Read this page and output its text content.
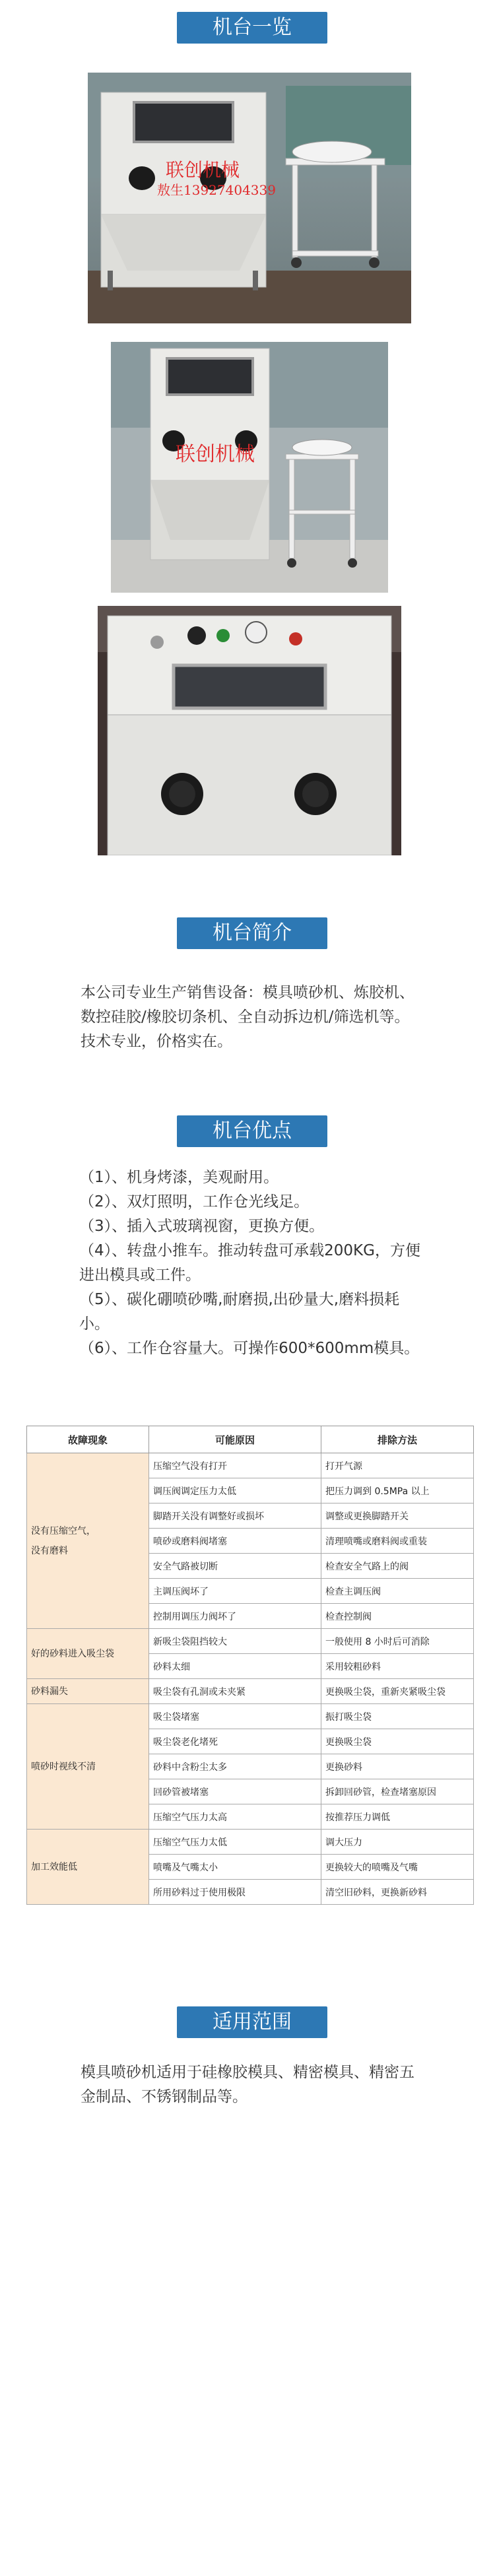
机台一览
联创机械
敖生13927404339
联创机械
机台简介
本公司专业生产销售设备：模具喷砂机、炼胶机、数控硅胶/橡胶切条机、全自动拆边机/筛选机等。技术专业，价格实在。
机台优点
（1）、机身烤漆，美观耐用。
（2）、双灯照明，工作仓光线足。
（3）、插入式玻璃视窗，更换方便。
（4）、转盘小推车。推动转盘可承载200KG，方便进出模具或工件。
（5）、碳化硼喷砂嘴,耐磨损,出砂量大,磨料损耗小。
（6）、工作仓容量大。可操作600*600mm模具。
故障现象	可能原因	排除方法

没有压缩空气，
没有磨料	压缩空气没有打开	打开气源
	调压阀调定压力太低	把压力调到 0.5MPa 以上
	脚踏开关没有调整好或损坏	调整或更换脚踏开关
	喷砂或磨料阀堵塞	清理喷嘴或磨料阀或重装
	安全气路被切断	检查安全气路上的阀
	主调压阀坏了	检查主调压阀
	控制用调压力阀坏了	检查控制阀

好的砂料进入吸尘袋	新吸尘袋阻挡较大	一般使用 8 小时后可消除
	砂料太细	采用较粗砂料

砂料漏失	吸尘袋有孔洞或未夹紧	更换吸尘袋，重新夹紧吸尘袋

喷砂时视线不清	吸尘袋堵塞	振打吸尘袋
	吸尘袋老化堵死	更换吸尘袋
	砂料中含粉尘太多	更换砂料
	回砂管被堵塞	拆卸回砂管，检查堵塞原因
	压缩空气压力太高	按推荐压力调低

加工效能低	压缩空气压力太低	调大压力
	喷嘴及气嘴太小	更换较大的喷嘴及气嘴
	所用砂料过于使用极限	清空旧砂料，更换新砂料
适用范围
模具喷砂机适用于硅橡胶模具、精密模具、精密五金制品、不锈钢制品等。
